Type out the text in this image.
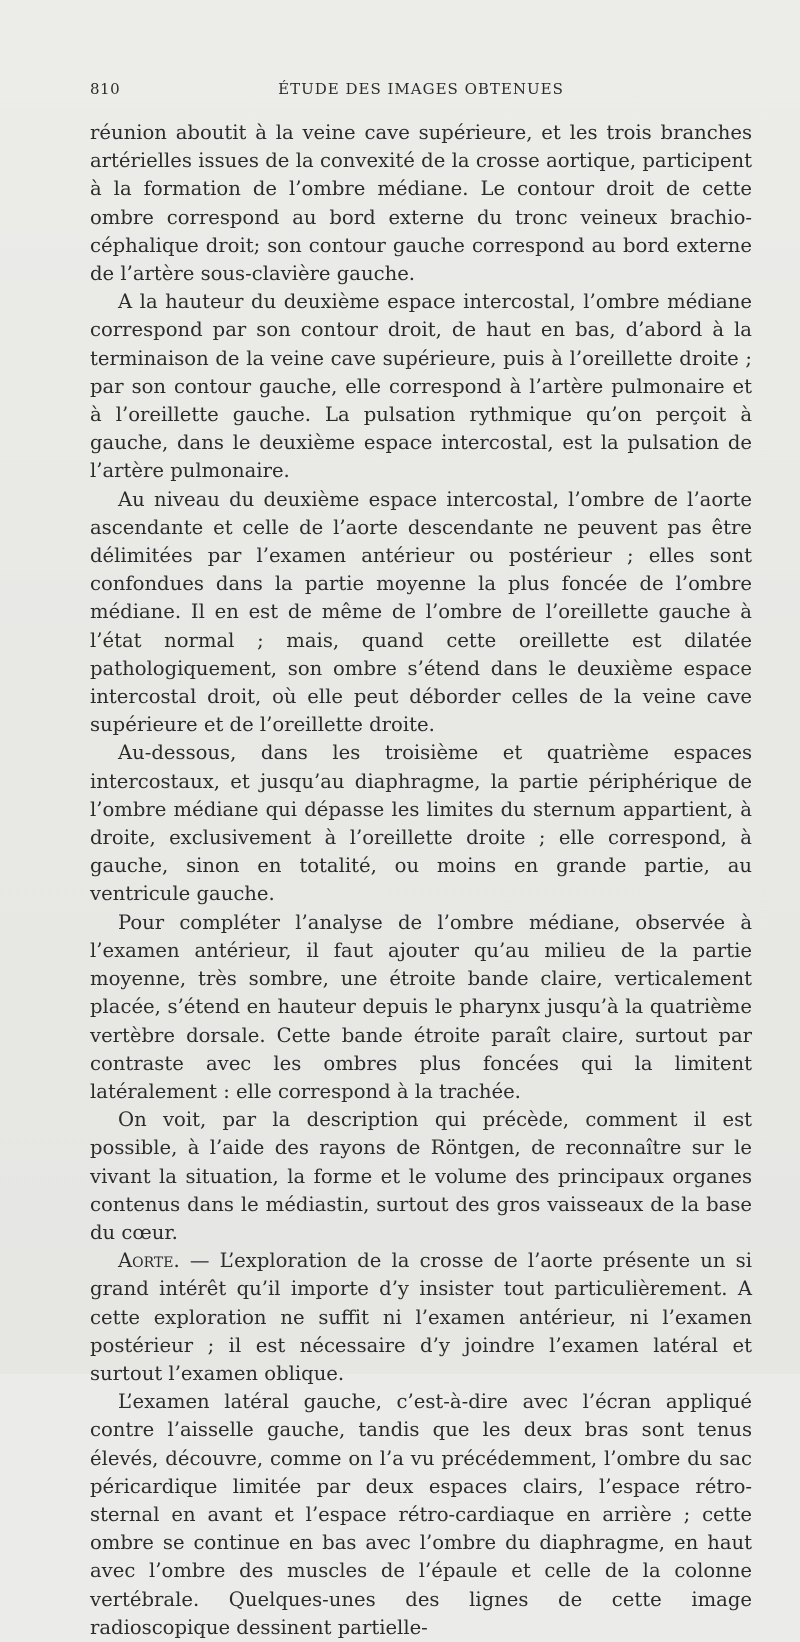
810	ÉTUDE DES IMAGES OBTENUES

réunion aboutit à la veine cave supérieure, et les trois branches artérielles issues de la convexité de la crosse aortique, participent à la formation de l’ombre médiane. Le contour droit de cette ombre correspond au bord externe du tronc veineux brachio-céphalique droit; son contour gauche correspond au bord externe de l’artère sous-clavière gauche.

A la hauteur du deuxième espace intercostal, l’ombre médiane correspond par son contour droit, de haut en bas, d’abord à la terminaison de la veine cave supérieure, puis à l’oreillette droite ; par son contour gauche, elle correspond à l’artère pulmonaire et à l’oreillette gauche. La pulsation rythmique qu’on perçoit à gauche, dans le deuxième espace intercostal, est la pulsation de l’artère pulmonaire.

Au niveau du deuxième espace intercostal, l’ombre de l’aorte ascendante et celle de l’aorte descendante ne peuvent pas être délimitées par l’examen antérieur ou postérieur ; elles sont confondues dans la partie moyenne la plus foncée de l’ombre médiane. Il en est de même de l’ombre de l’oreillette gauche à l’état normal ; mais, quand cette oreillette est dilatée pathologiquement, son ombre s’étend dans le deuxième espace intercostal droit, où elle peut déborder celles de la veine cave supérieure et de l’oreillette droite.

Au-dessous, dans les troisième et quatrième espaces intercostaux, et jusqu’au diaphragme, la partie périphérique de l’ombre médiane qui dépasse les limites du sternum appartient, à droite, exclusivement à l’oreillette droite ; elle correspond, à gauche, sinon en totalité, ou moins en grande partie, au ventricule gauche.

Pour compléter l’analyse de l’ombre médiane, observée à l’examen antérieur, il faut ajouter qu’au milieu de la partie moyenne, très sombre, une étroite bande claire, verticalement placée, s’étend en hauteur depuis le pharynx jusqu’à la quatrième vertèbre dorsale. Cette bande étroite paraît claire, surtout par contraste avec les ombres plus foncées qui la limitent latéralement : elle correspond à la trachée.

On voit, par la description qui précède, comment il est possible, à l’aide des rayons de Röntgen, de reconnaître sur le vivant la situation, la forme et le volume des principaux organes contenus dans le médiastin, surtout des gros vaisseaux de la base du cœur.

Aorte. — L’exploration de la crosse de l’aorte présente un si grand intérêt qu’il importe d’y insister tout particulièrement. A cette exploration ne suffit ni l’examen antérieur, ni l’examen postérieur ; il est nécessaire d’y joindre l’examen latéral et surtout l’examen oblique.

L’examen latéral gauche, c’est-à-dire avec l’écran appliqué contre l’aisselle gauche, tandis que les deux bras sont tenus élevés, découvre, comme on l’a vu précédemment, l’ombre du sac péricardique limitée par deux espaces clairs, l’espace rétro-sternal en avant et l’espace rétro-cardiaque en arrière ; cette ombre se continue en bas avec l’ombre du diaphragme, en haut avec l’ombre des muscles de l’épaule et celle de la colonne vertébrale. Quelques-unes des lignes de cette image radioscopique dessinent partielle-
